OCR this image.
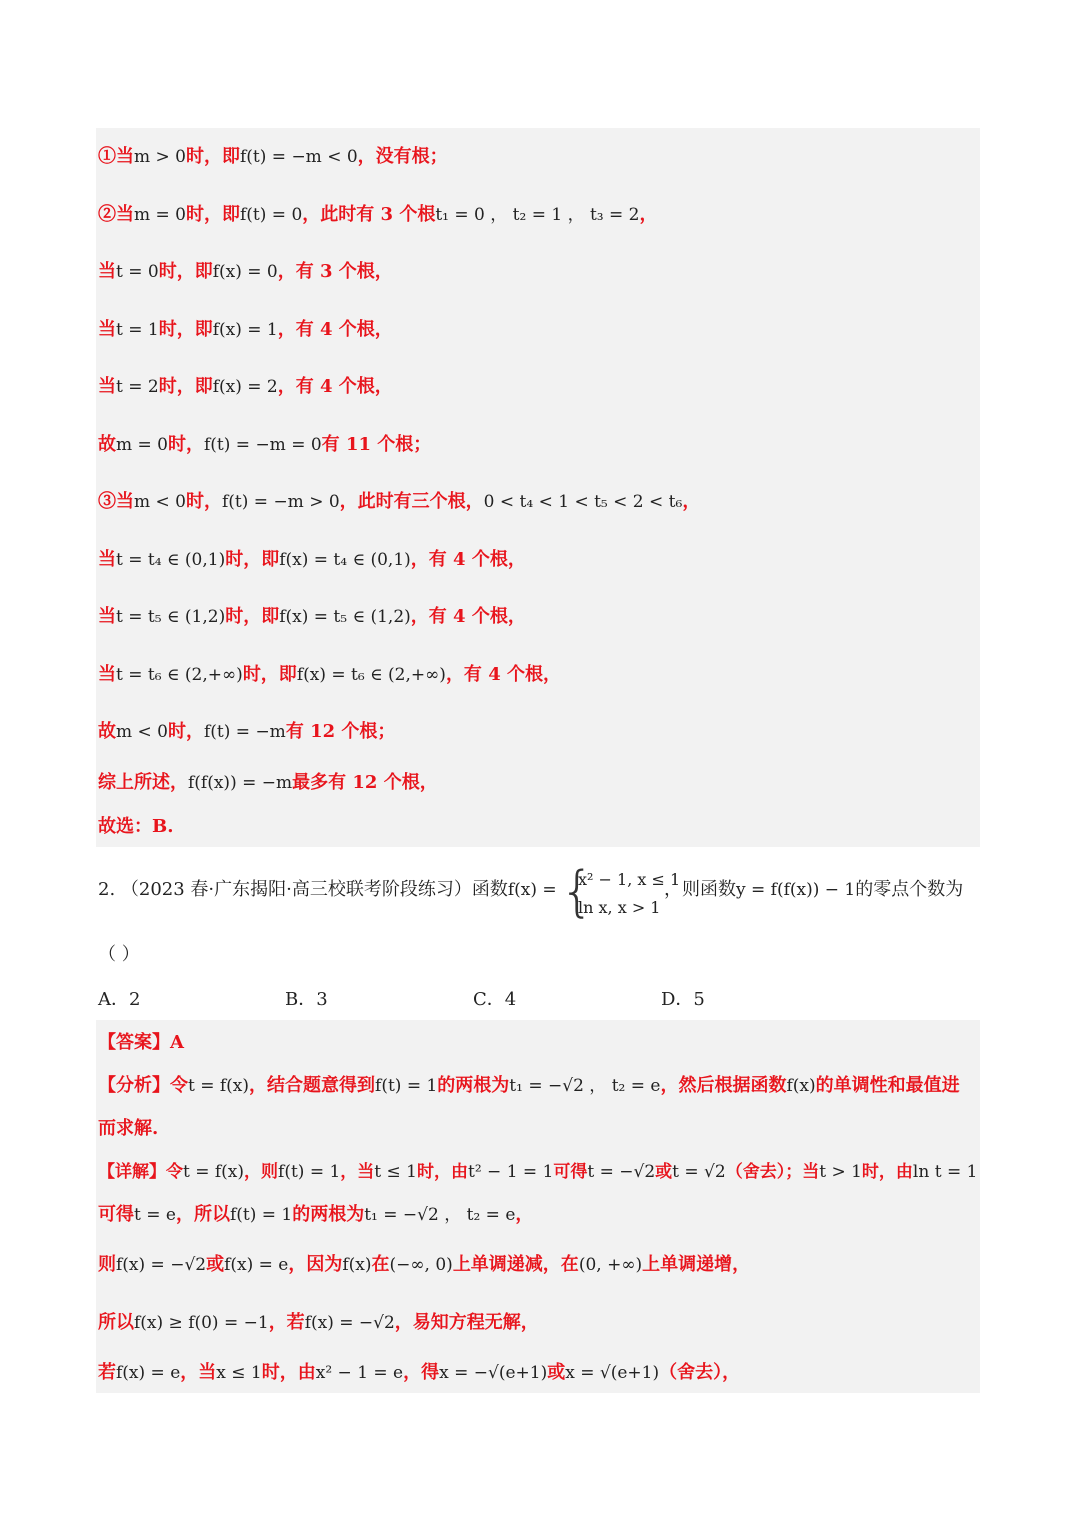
①当m > 0时，即f(t) = −m < 0，没有根；
②当m = 0时，即f(t) = 0，此时有 3 个根t₁ = 0 ， t₂ = 1 ， t₃ = 2，
当t = 0时，即f(x) = 0，有 3 个根，
当t = 1时，即f(x) = 1，有 4 个根，
当t = 2时，即f(x) = 2，有 4 个根，
故m = 0时，f(t) = −m = 0有 11 个根；
③当m < 0时，f(t) = −m > 0，此时有三个根，0 < t₄ < 1 < t₅ < 2 < t₆，
当t = t₄ ∈ (0,1)时，即f(x) = t₄ ∈ (0,1)，有 4 个根，
当t = t₅ ∈ (1,2)时，即f(x) = t₅ ∈ (1,2)，有 4 个根，
当t = t₆ ∈ (2,+∞)时，即f(x) = t₆ ∈ (2,+∞)，有 4 个根，
故m < 0时，f(t) = −m有 12 个根；
综上所述，f(f(x)) = −m最多有 12 个根，
故选：B.
2. （2023 春·广东揭阳·高三校联考阶段练习）函数f(x) = {
x² − 1, x ≤ 1
ln x, x > 1
，则函数y = f(f(x)) − 1的零点个数为
（ ）
A．2	B．3	C．4	D．5
【答案】A
【分析】令t = f(x)，结合题意得到f(t) = 1的两根为t₁ = −√2 ， t₂ = e，然后根据函数f(x)的单调性和最值进
而求解.
【详解】令t = f(x)，则f(t) = 1，当t ≤ 1时，由t² − 1 = 1可得t = −√2或t = √2（舍去）；当t > 1时，由ln t = 1
可得t = e，所以f(t) = 1的两根为t₁ = −√2 ， t₂ = e，
则f(x) = −√2或f(x) = e，因为f(x)在(−∞, 0)上单调递减，在(0, +∞)上单调递增，
所以f(x) ≥ f(0) = −1，若f(x) = −√2，易知方程无解，
若f(x) = e，当x ≤ 1时，由x² − 1 = e，得x = −√(e+1)或x = √(e+1)（舍去），
